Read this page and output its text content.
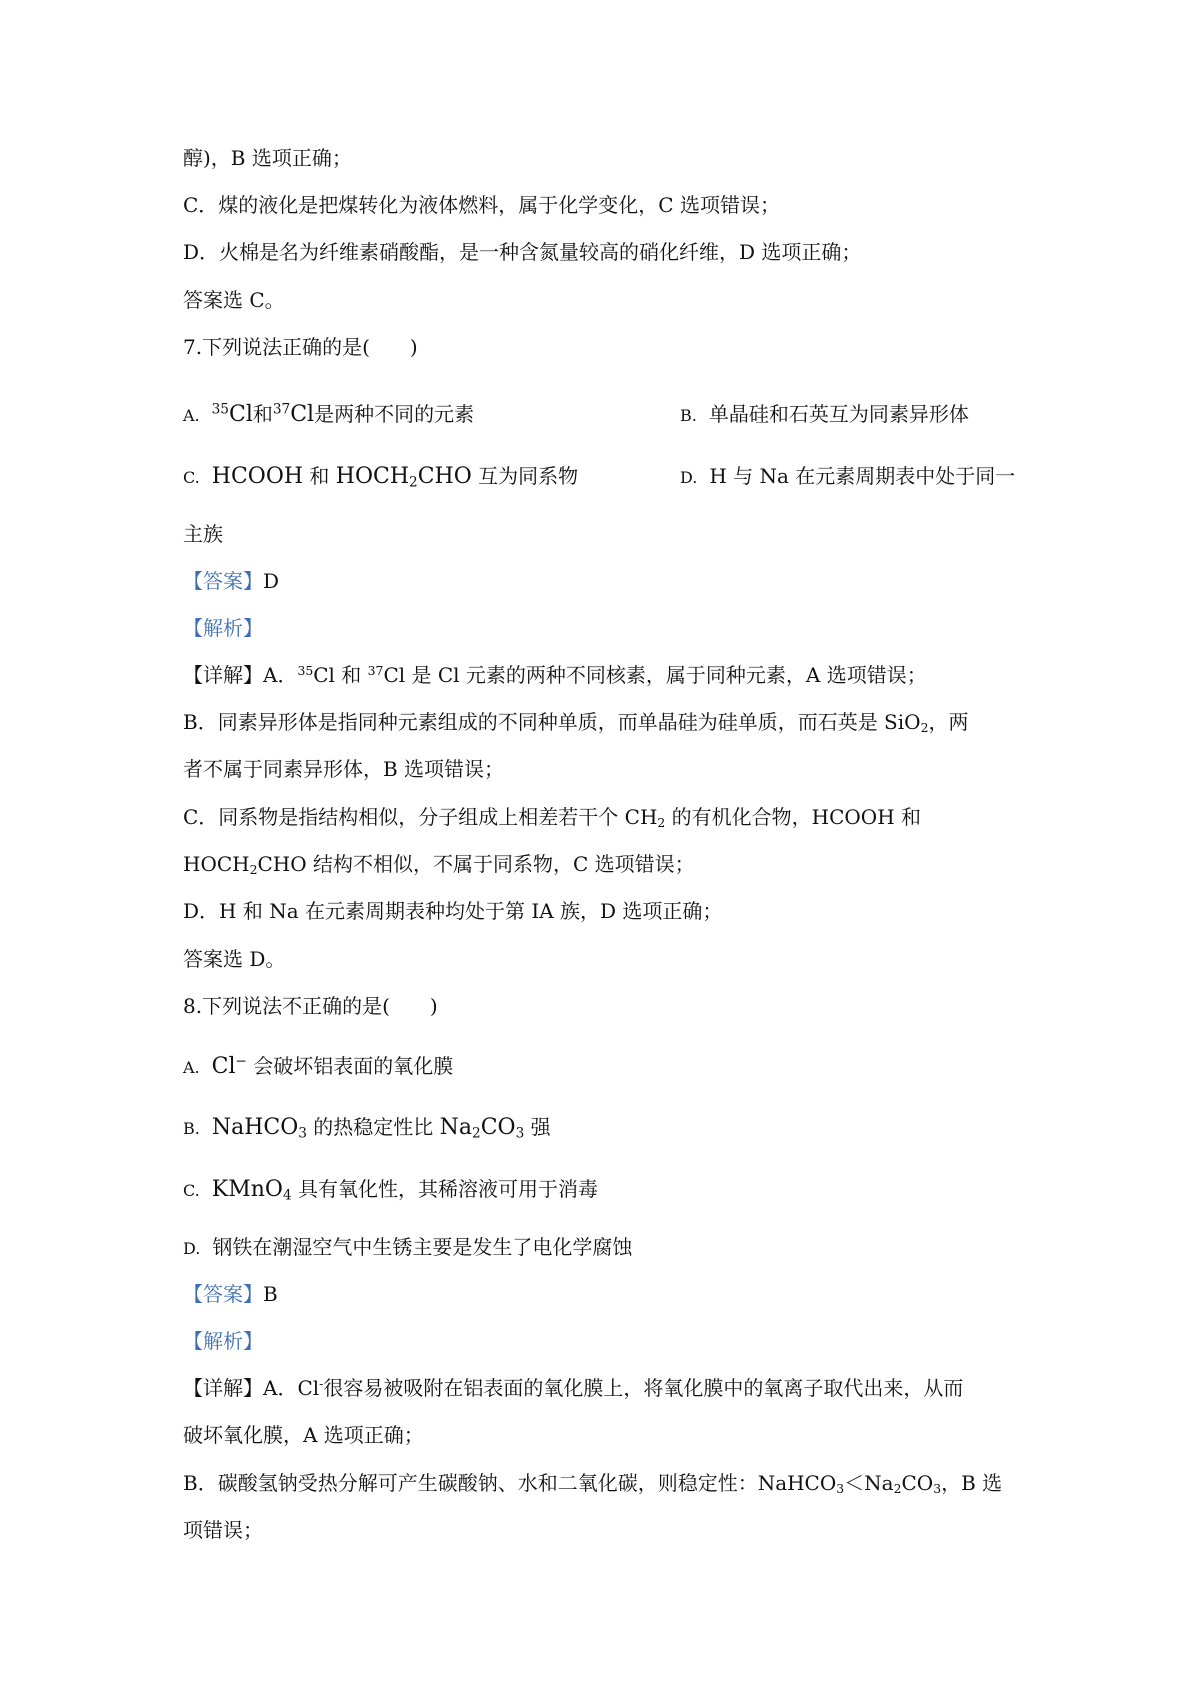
醇)，B 选项正确；
C．煤的液化是把煤转化为液体燃料，属于化学变化，C 选项错误；
D．火棉是名为纤维素硝酸酯，是一种含氮量较高的硝化纤维，D 选项正确；
答案选 C。
7.下列说法正确的是(　　)
A. $^{35}$Cl和$^{37}$Cl是两种不同的元素	B. 单晶硅和石英互为同素异形体
C. HCOOH 和 $HOCH_2CHO$ 互为同系物	D. H 与 Na 在元素周期表中处于同一
主族
【答案】D
【解析】
【详解】A．$^{35}$Cl 和 $^{37}$Cl 是 Cl 元素的两种不同核素，属于同种元素，A 选项错误；
B．同素异形体是指同种元素组成的不同种单质，而单晶硅为硅单质，而石英是 SiO$_2$，两
者不属于同素异形体，B 选项错误；
C．同系物是指结构相似，分子组成上相差若干个 $CH_2$ 的有机化合物，HCOOH 和
$HOCH_2CHO$ 结构不相似，不属于同系物，C 选项错误；
D．H 和 Na 在元素周期表种均处于第 IA 族，D 选项正确；
答案选 D。
8.下列说法不正确的是(　　)
A. Cl− 会破坏铝表面的氧化膜
B. NaHCO$_3$ 的热稳定性比 $Na_2CO_3$ 强
C. KMnO$_4$ 具有氧化性，其稀溶液可用于消毒
D. 钢铁在潮湿空气中生锈主要是发生了电化学腐蚀
【答案】B
【解析】
【详解】A．Cl-很容易被吸附在铝表面的氧化膜上，将氧化膜中的氧离子取代出来，从而
破坏氧化膜，A 选项正确；
B．碳酸氢钠受热分解可产生碳酸钠、水和二氧化碳，则稳定性：$NaHCO_3<Na_2CO_3$，B 选
项错误；
